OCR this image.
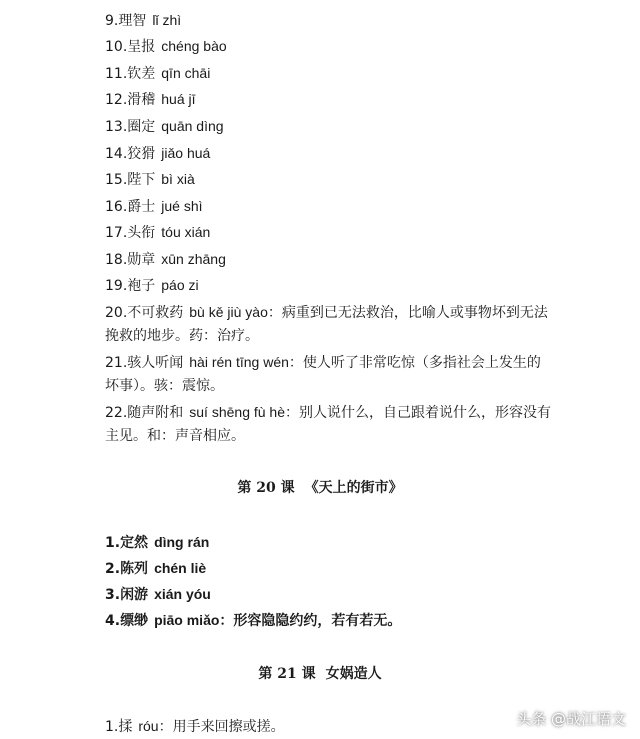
9.理智 lǐ zhì
10.呈报 chéng bào
11.钦差 qīn chāi
12.滑稽 huá jī
13.圈定 quān dìng
14.狡猾 jiǎo huá
15.陛下 bì xià
16.爵士 jué shì
17.头衔 tóu xián
18.勋章 xūn zhāng
19.袍子 páo zi
20.不可救药 bù kě jiù yào：病重到已无法救治，比喻人或事物坏到无法
挽救的地步。药：治疗。
21.骇人听闻 hài rén tīng wén：使人听了非常吃惊（多指社会上发生的
坏事）。骇：震惊。
22.随声附和 suí shēng fù hè：别人说什么，自己跟着说什么，形容没有
主见。和：声音相应。
第 20 课 《天上的街市》
1.定然 dìng rán
2.陈列 chén liè
3.闲游 xián yóu
4.缥缈 piāo miǎo：形容隐隐约约，若有若无。
第 21 课 女娲造人
1.揉 róu：用手来回擦或搓。	头条 @战江语文
